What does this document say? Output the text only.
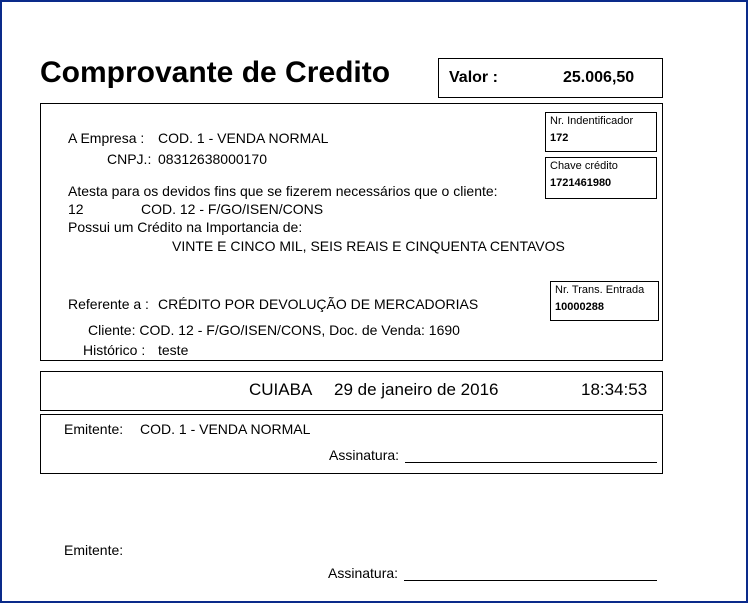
Comprovante de Credito	Valor :	25.006,50
A Empresa : COD. 1 - VENDA NORMAL
CNPJ.: 08312638000170
Atesta para os devidos fins que se fizerem necessários que o cliente:
12	COD. 12 - F/GO/ISEN/CONS
Possui um Crédito na Importancia de:
VINTE E CINCO MIL, SEIS REAIS E CINQUENTA CENTAVOS
Referente a : CRÉDITO POR DEVOLUÇÃO DE MERCADORIAS
Cliente: COD. 12 - F/GO/ISEN/CONS, Doc. de Venda: 1690
Histórico : teste
Nr. Indentificador
172
Chave crédito
1721461980
Nr. Trans. Entrada
10000288
CUIABA 29 de janeiro de 2016	18:34:53
Emitente: COD. 1 - VENDA NORMAL
Assinatura:
Emitente:
Assinatura:
